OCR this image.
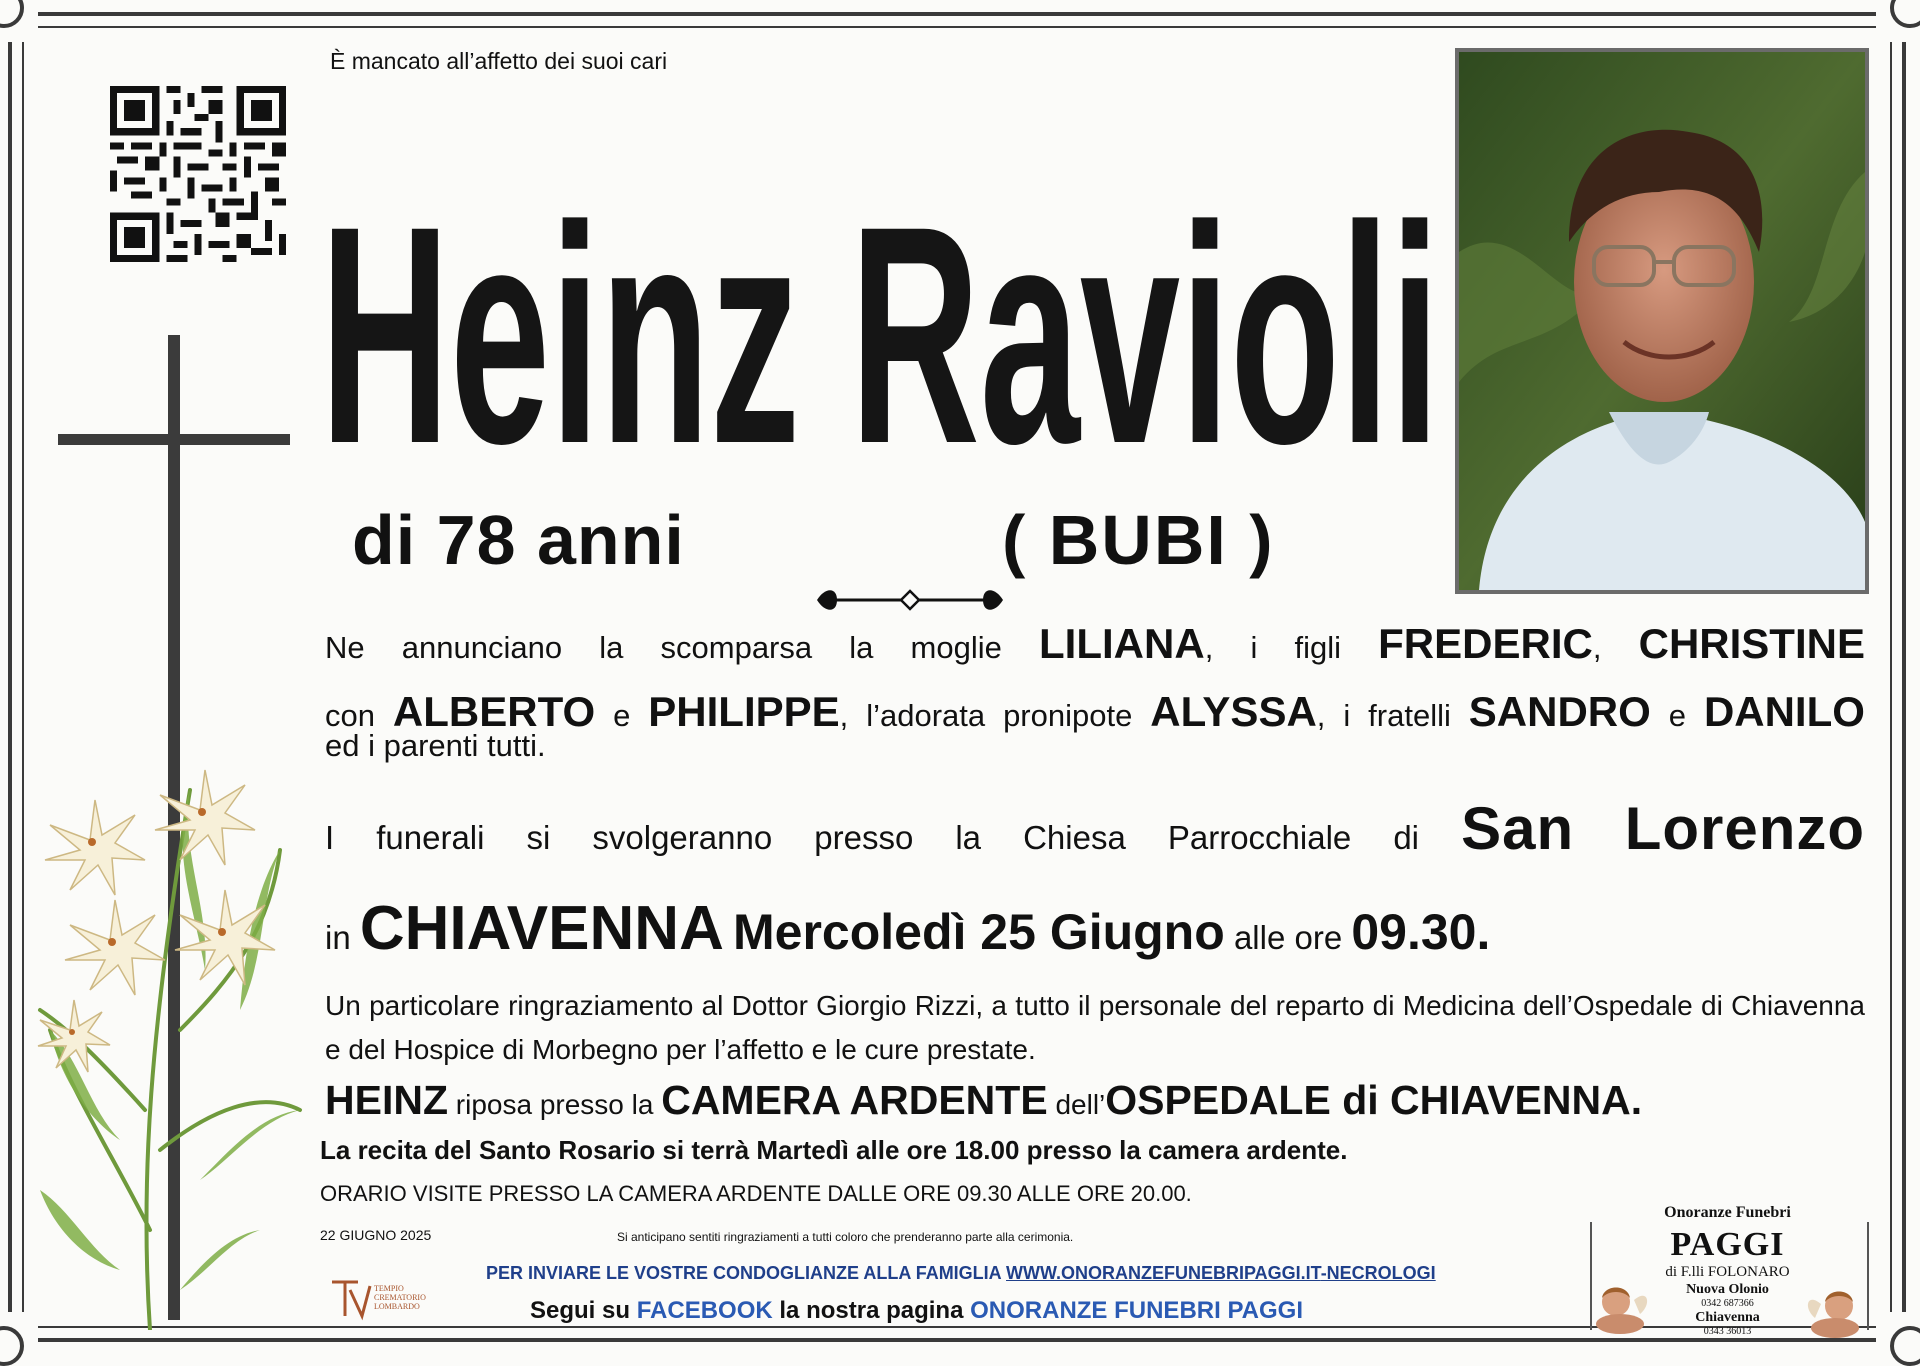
È mancato all’affetto dei suoi cari
Heinz Ravioli
di 78 anni	( BUBI )
Ne annunciano la scomparsa la moglie LILIANA, i figli FREDERIC, CHRISTINE
con ALBERTO e PHILIPPE, l’adorata pronipote ALYSSA, i fratelli SANDRO e DANILO
ed i parenti tutti.
I funerali si svolgeranno presso la Chiesa Parrocchiale di San Lorenzo
in CHIAVENNA Mercoledì 25 Giugno alle ore 09.30.
Un particolare ringraziamento al Dottor Giorgio Rizzi, a tutto il personale del reparto di Medicina dell’Ospedale di Chiavenna e del Hospice di Morbegno per l’affetto e le cure prestate.
HEINZ riposa presso la CAMERA ARDENTE dell’OSPEDALE di CHIAVENNA.
La recita del Santo Rosario si terrà Martedì alle ore 18.00 presso la camera ardente.
ORARIO VISITE PRESSO LA CAMERA ARDENTE DALLE ORE 09.30 ALLE ORE 20.00.
22 GIUGNO 2025	Si anticipano sentiti ringraziamenti a tutti coloro che prenderanno parte alla cerimonia.
PER INVIARE LE VOSTRE CONDOGLIANZE ALLA FAMIGLIA WWW.ONORANZEFUNEBRIPAGGI.IT-NECROLOGI
Segui su FACEBOOK la nostra pagina ONORANZE FUNEBRI PAGGI
TEMPIO
CREMATORIO
LOMBARDO
Onoranze Funebri
PAGGI
di F.lli FOLONARO
Nuova Olonio
0342 687366
Chiavenna
0343 36013
